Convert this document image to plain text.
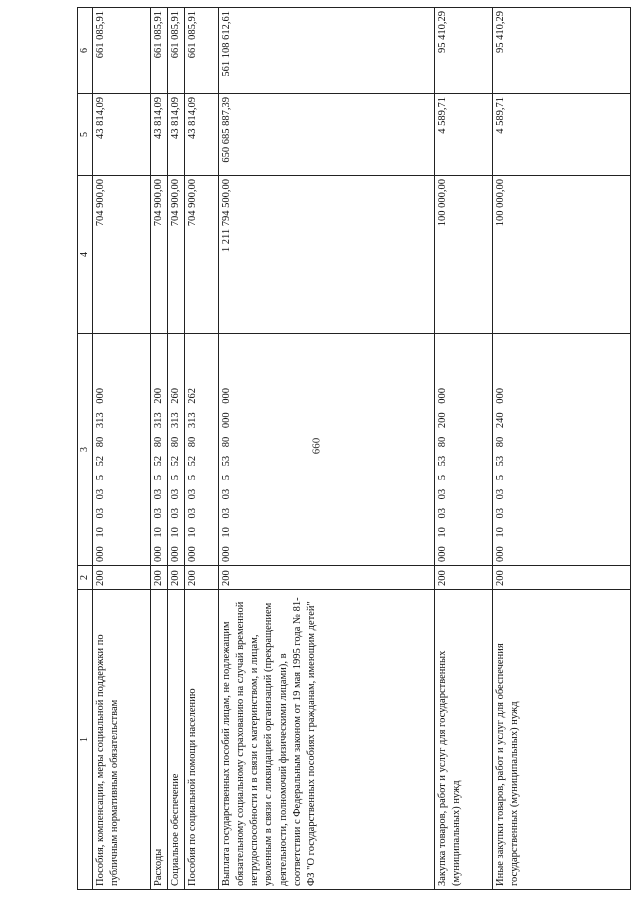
660
1	2	3	4	5	6
Пособия, компенсации, меры социальной поддержки по публичным нормативным обязательствам	200	000 10 03 03 5 52 80 313 000	704 900,00	43 814,09	661 085,91
Расходы	200	000 10 03 03 5 52 80 313 200	704 900,00	43 814,09	661 085,91
Социальное обеспечение	200	000 10 03 03 5 52 80 313 260	704 900,00	43 814,09	661 085,91
Пособия по социальной помощи населению	200	000 10 03 03 5 52 80 313 262	704 900,00	43 814,09	661 085,91
Выплата государственных пособий лицам, не подлежащим обязательному социальному страхованию на случай временной нетрудоспособности и в связи с материнством, и лицам, уволенным в связи с ликвидацией организаций (прекращением деятельности, полномочий физическими лицами), в соответствии с Федеральным законом от 19 мая 1995 года № 81-ФЗ "О государственных пособиях гражданам, имеющим детей"	200	000 10 03 03 5 53 80 000 000	1 211 794 500,00	650 685 887,39	561 108 612,61
Закупка товаров, работ и услуг для государственных (муниципальных) нужд	200	000 10 03 03 5 53 80 200 000	100 000,00	4 589,71	95 410,29
Иные закупки товаров, работ и услуг для обеспечения государственных (муниципальных) нужд	200	000 10 03 03 5 53 80 240 000	100 000,00	4 589,71	95 410,29
